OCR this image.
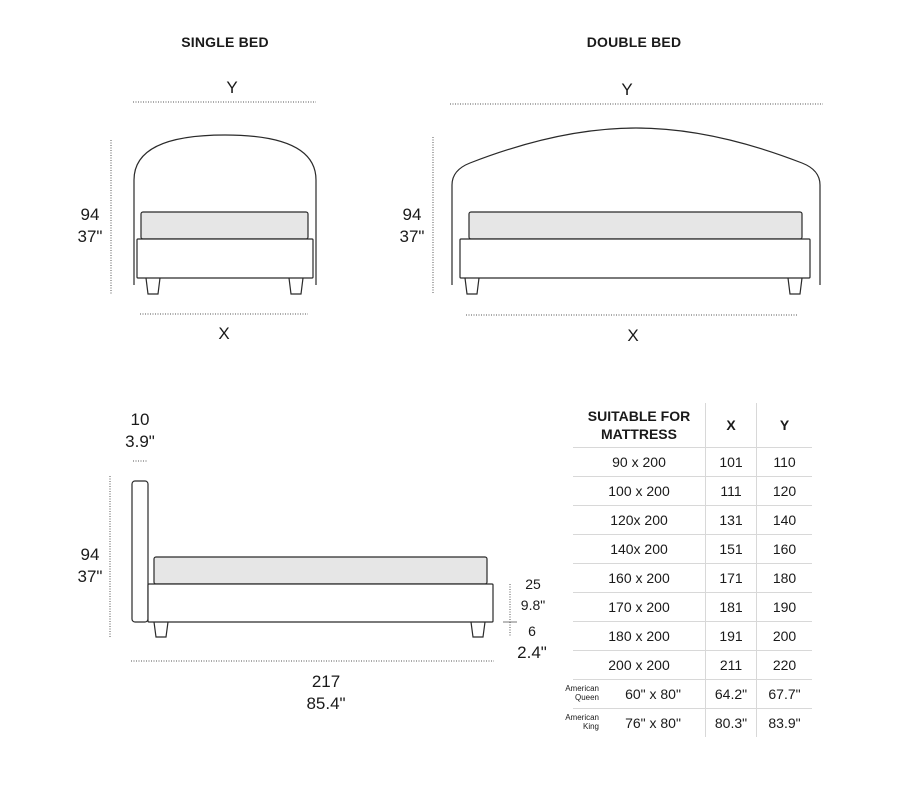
SINGLE BED	DOUBLE BED
Y
X
94
37"
Y
X
94
37"
10
3.9"
94
37"
217
85.4"
25
9.8"
6
2.4"
SUITABLE FOR MATTRESS	X	Y
90 x 200	101	110
100 x 200	111	120
120x 200	131	140
140x 200	151	160
160 x 200	171	180
170 x 200	181	190
180 x 200	191	200
200 x 200	211	220

American Queen 60" x 80"	64.2"	67.7"

American King 76" x 80"	80.3"	83.9"
